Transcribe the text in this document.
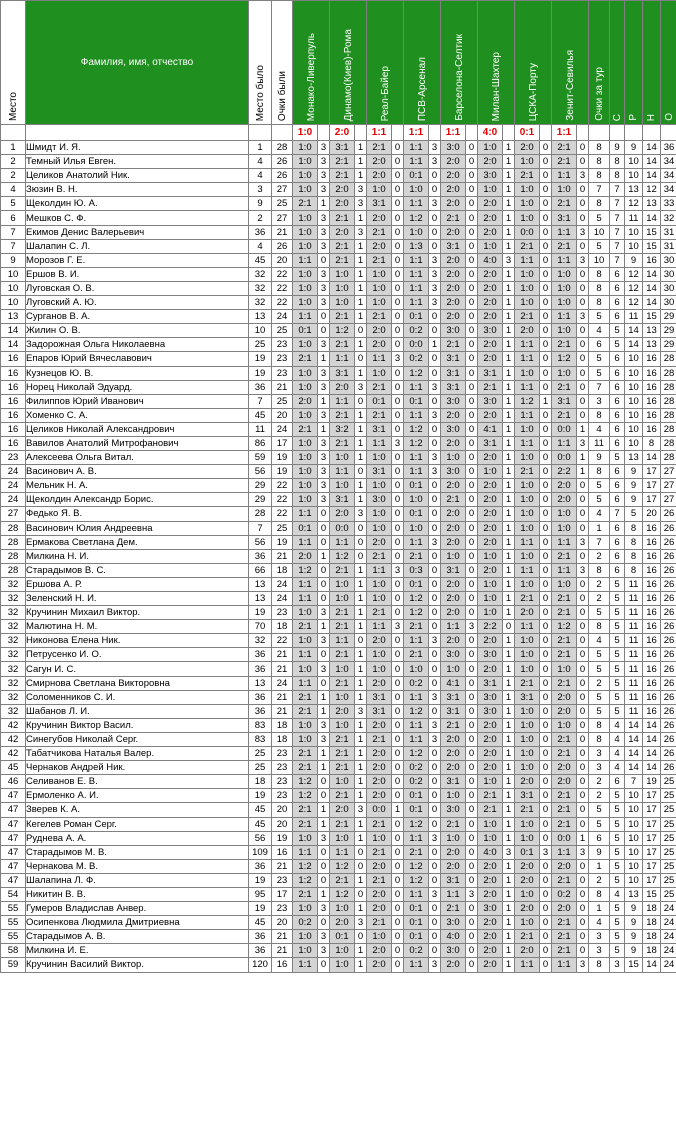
Место	Фамилия, имя, отчество	Место было	Очки были	Монако-Ливерпуль		Динамо(Киев)-Рома		Реал-Байер		ПСВ-Арсенал		Барселона-Селтик		Милан-Шахтер		ЦСКА-Порту		Зенит-Севилья		Очки за тур	С	Р	Н	О

				1:0		2:0		1:1		1:1		1:1		4:0		0:1		1:1						
1	Шмидт И. Я.	1	28	1:0	3	3:1	1	2:1	0	1:1	3	3:0	0	1:0	1	2:0	0	2:1	0	8	9	9	14	36
2	Темный Илья Евген.	4	26	1:0	3	2:1	1	2:0	0	1:1	3	2:0	0	2:0	1	1:0	0	2:1	0	8	8	10	14	34
2	Целиков Анатолий Ник.	4	26	1:0	3	2:1	1	2:0	0	0:1	0	2:0	0	3:0	1	2:1	0	1:1	3	8	8	10	14	34
4	Зюзин В. Н.	3	27	1:0	3	2:0	3	1:0	0	1:0	0	2:0	0	1:0	1	1:0	0	1:0	0	7	7	13	12	34
5	Щеколдин Ю. А.	9	25	2:1	1	2:0	3	3:1	0	1:1	3	2:0	0	2:0	1	1:0	0	2:1	0	8	7	12	13	33
6	Мешков С. Ф.	2	27	1:0	3	2:1	1	2:0	0	1:2	0	2:1	0	2:0	1	1:0	0	3:1	0	5	7	11	14	32
7	Екимов Денис Валерьевич	36	21	1:0	3	2:0	3	2:1	0	1:0	0	2:0	0	2:0	1	0:0	0	1:1	3	10	7	10	15	31
7	Шалапин С. Л.	4	26	1:0	3	2:1	1	2:0	0	1:3	0	3:1	0	1:0	1	2:1	0	2:1	0	5	7	10	15	31
9	Морозов Г. Е.	45	20	1:1	0	2:1	1	2:1	0	1:1	3	2:0	0	4:0	3	1:1	0	1:1	3	10	7	9	16	30
10	Ершов В. И.	32	22	1:0	3	1:0	1	1:0	0	1:1	3	2:0	0	2:0	1	1:0	0	1:0	0	8	6	12	14	30
10	Луговская О. В.	32	22	1:0	3	1:0	1	1:0	0	1:1	3	2:0	0	2:0	1	1:0	0	1:0	0	8	6	12	14	30
10	Луговский А. Ю.	32	22	1:0	3	1:0	1	1:0	0	1:1	3	2:0	0	2:0	1	1:0	0	1:0	0	8	6	12	14	30
13	Сурганов В. А.	13	24	1:1	0	2:1	1	2:1	0	0:1	0	2:0	0	2:0	1	2:1	0	1:1	3	5	6	11	15	29
14	Жилин О. В.	10	25	0:1	0	1:2	0	2:0	0	0:2	0	3:0	0	3:0	1	2:0	0	1:0	0	4	5	14	13	29
14	Задорожная Ольга Николаевна	25	23	1:0	3	2:1	1	2:0	0	0:0	1	2:1	0	2:0	1	1:1	0	2:1	0	6	5	14	13	29
16	Епаров Юрий Вячеславович	19	23	2:1	1	1:1	0	1:1	3	0:2	0	3:1	0	2:0	1	1:1	0	1:2	0	5	6	10	16	28
16	Кузнецов Ю. В.	19	23	1:0	3	3:1	1	1:0	0	1:2	0	3:1	0	3:1	1	1:0	0	1:0	0	5	6	10	16	28
16	Норец Николай Эдуард.	36	21	1:0	3	2:0	3	2:1	0	1:1	3	3:1	0	2:1	1	1:1	0	2:1	0	7	6	10	16	28
16	Филиппов Юрий Иванович	7	25	2:0	1	1:1	0	0:1	0	0:1	0	3:0	0	3:0	1	1:2	1	3:1	0	3	6	10	16	28
16	Хоменко С. А.	45	20	1:0	3	2:1	1	2:1	0	1:1	3	2:0	0	2:0	1	1:1	0	2:1	0	8	6	10	16	28
16	Целиков Николай Александрович	11	24	2:1	1	3:2	1	3:1	0	1:2	0	3:0	0	4:1	1	1:0	0	0:0	1	4	6	10	16	28
16	Вавилов Анатолий Митрофанович	86	17	1:0	3	2:1	1	1:1	3	1:2	0	2:0	0	3:1	1	1:1	0	1:1	3	11	6	10	8	28
23	Алексеева Ольга Витал.	59	19	1:0	3	1:0	1	1:0	0	1:1	3	1:0	0	2:0	1	1:0	0	0:0	1	9	5	13	14	28
24	Васинович А. В.	56	19	1:0	3	1:1	0	3:1	0	1:1	3	3:0	0	1:0	1	2:1	0	2:2	1	8	6	9	17	27
24	Мельник Н. А.	29	22	1:0	3	1:0	1	1:0	0	0:1	0	2:0	0	2:0	1	1:0	0	2:0	0	5	6	9	17	27
24	Щеколдин Александр Борис.	29	22	1:0	3	3:1	1	3:0	0	1:0	0	2:1	0	2:0	1	1:0	0	2:0	0	5	6	9	17	27
27	Федько Я. В.	28	22	1:1	0	2:0	3	1:0	0	0:1	0	2:0	0	2:0	1	1:0	0	1:0	0	4	7	5	20	26
28	Васинович Юлия Андреевна	7	25	0:1	0	0:0	0	1:0	0	1:0	0	2:0	0	2:0	1	1:0	0	1:0	0	1	6	8	16	26
28	Ермакова Светлана Дем.	56	19	1:1	0	1:1	0	2:0	0	1:1	3	2:0	0	2:0	1	1:1	0	1:1	3	7	6	8	16	26
28	Милкина Н. И.	36	21	2:0	1	1:2	0	2:1	0	2:1	0	1:0	0	1:0	1	1:0	0	2:1	0	2	6	8	16	26
28	Старадымов В. С.	66	18	1:2	0	2:1	1	1:1	3	0:3	0	3:1	0	2:0	1	1:1	0	1:1	3	8	6	8	16	26
32	Ершова А. Р.	13	24	1:1	0	1:0	1	1:0	0	0:1	0	2:0	0	1:0	1	1:0	0	1:0	0	2	5	11	16	26
32	Зеленский Н. И.	13	24	1:1	0	1:0	1	1:0	0	1:2	0	2:0	0	1:0	1	2:1	0	2:1	0	2	5	11	16	26
32	Кручинин Михаил Виктор.	19	23	1:0	3	2:1	1	2:1	0	1:2	0	2:0	0	1:0	1	2:0	0	2:1	0	5	5	11	16	26
32	Малютина Н. М.	70	18	2:1	1	2:1	1	1:1	3	2:1	0	1:1	3	2:2	0	1:1	0	1:2	0	8	5	11	16	26
32	Никонова Елена Ник.	32	22	1:0	3	1:1	0	2:0	0	1:1	3	2:0	0	2:0	1	1:0	0	2:1	0	4	5	11	16	26
32	Петрусенко И. О.	36	21	1:1	0	2:1	1	1:0	0	2:1	0	3:0	0	3:0	1	1:0	0	2:1	0	5	5	11	16	26
32	Сагун И. С.	36	21	1:0	3	1:0	1	1:0	0	1:0	0	1:0	0	2:0	1	1:0	0	1:0	0	5	5	11	16	26
32	Смирнова Светлана Викторовна	13	24	1:1	0	2:1	1	2:0	0	0:2	0	4:1	0	3:1	1	2:1	0	2:1	0	2	5	11	16	26
32	Соломенников С. И.	36	21	2:1	1	1:0	1	3:1	0	1:1	3	3:1	0	3:0	1	3:1	0	2:0	0	5	5	11	16	26
32	Шабанов Л. И.	36	21	2:1	1	2:0	3	3:1	0	1:2	0	3:1	0	3:0	1	1:0	0	2:0	0	5	5	11	16	26
42	Кручинин Виктор Васил.	83	18	1:0	3	1:0	1	2:0	0	1:1	3	2:1	0	2:0	1	1:0	0	1:0	0	8	4	14	14	26
42	Синегубов Николай Серг.	83	18	1:0	3	2:1	1	2:1	0	1:1	3	2:0	0	2:0	1	1:0	0	2:1	0	8	4	14	14	26
42	Табатчикова Наталья Валер.	25	23	2:1	1	2:1	1	2:0	0	1:2	0	2:0	0	2:0	1	1:0	0	2:1	0	3	4	14	14	26
45	Чернаков Андрей Ник.	25	23	2:1	1	2:1	1	2:0	0	0:2	0	2:0	0	2:0	1	1:0	0	2:0	0	3	4	14	14	26
46	Селиванов Е. В.	18	23	1:2	0	1:0	1	2:0	0	0:2	0	3:1	0	1:0	1	2:0	0	2:0	0	2	6	7	19	25
47	Ермоленко А. И.	19	23	1:2	0	2:1	1	2:0	0	0:1	0	1:0	0	2:1	1	3:1	0	2:1	0	2	5	10	17	25
47	Зверев К. А.	45	20	2:1	1	2:0	3	0:0	1	0:1	0	3:0	0	2:1	1	2:1	0	2:1	0	5	5	10	17	25
47	Кегелев Роман Серг.	45	20	2:1	1	2:1	1	2:1	0	1:2	0	2:1	0	1:0	1	1:0	0	2:1	0	5	5	10	17	25
47	Руднева А. А.	56	19	1:0	3	1:0	1	1:0	0	1:1	3	1:0	0	1:0	1	1:0	0	0:0	1	6	5	10	17	25
47	Старадымов М. В.	109	16	1:1	0	1:1	0	2:1	0	2:1	0	2:0	0	4:0	3	0:1	3	1:1	3	9	5	10	17	25
47	Чернакова М. В.	36	21	1:2	0	1:2	0	2:0	0	1:2	0	2:0	0	2:0	1	2:0	0	2:0	0	1	5	10	17	25
47	Шалапина Л. Ф.	19	23	1:2	0	2:1	1	2:1	0	1:2	0	3:1	0	2:0	1	2:0	0	2:1	0	2	5	10	17	25
54	Никитин В. В.	95	17	2:1	1	1:2	0	2:0	0	1:1	3	1:1	3	2:0	1	1:0	0	0:2	0	8	4	13	15	25
55	Гумеров Владислав Анвер.	19	23	1:0	3	1:0	1	2:0	0	0:1	0	2:1	0	3:0	1	2:0	0	2:0	0	1	5	9	18	24
55	Осипенкова Людмила Дмитриевна	45	20	0:2	0	2:0	3	2:1	0	0:1	0	3:0	0	2:0	1	1:0	0	2:1	0	4	5	9	18	24
55	Старадымов А. В.	36	21	1:0	3	0:1	0	1:0	0	0:1	0	4:0	0	2:0	1	2:1	0	2:1	0	3	5	9	18	24
58	Милкина И. Е.	36	21	1:0	3	1:0	1	2:0	0	0:2	0	3:0	0	2:0	1	2:0	0	2:1	0	3	5	9	18	24
59	Кручинин Василий Виктор.	120	16	1:1	0	1:0	1	2:0	0	1:1	3	2:0	0	2:0	1	1:1	0	1:1	3	8	3	15	14	24
